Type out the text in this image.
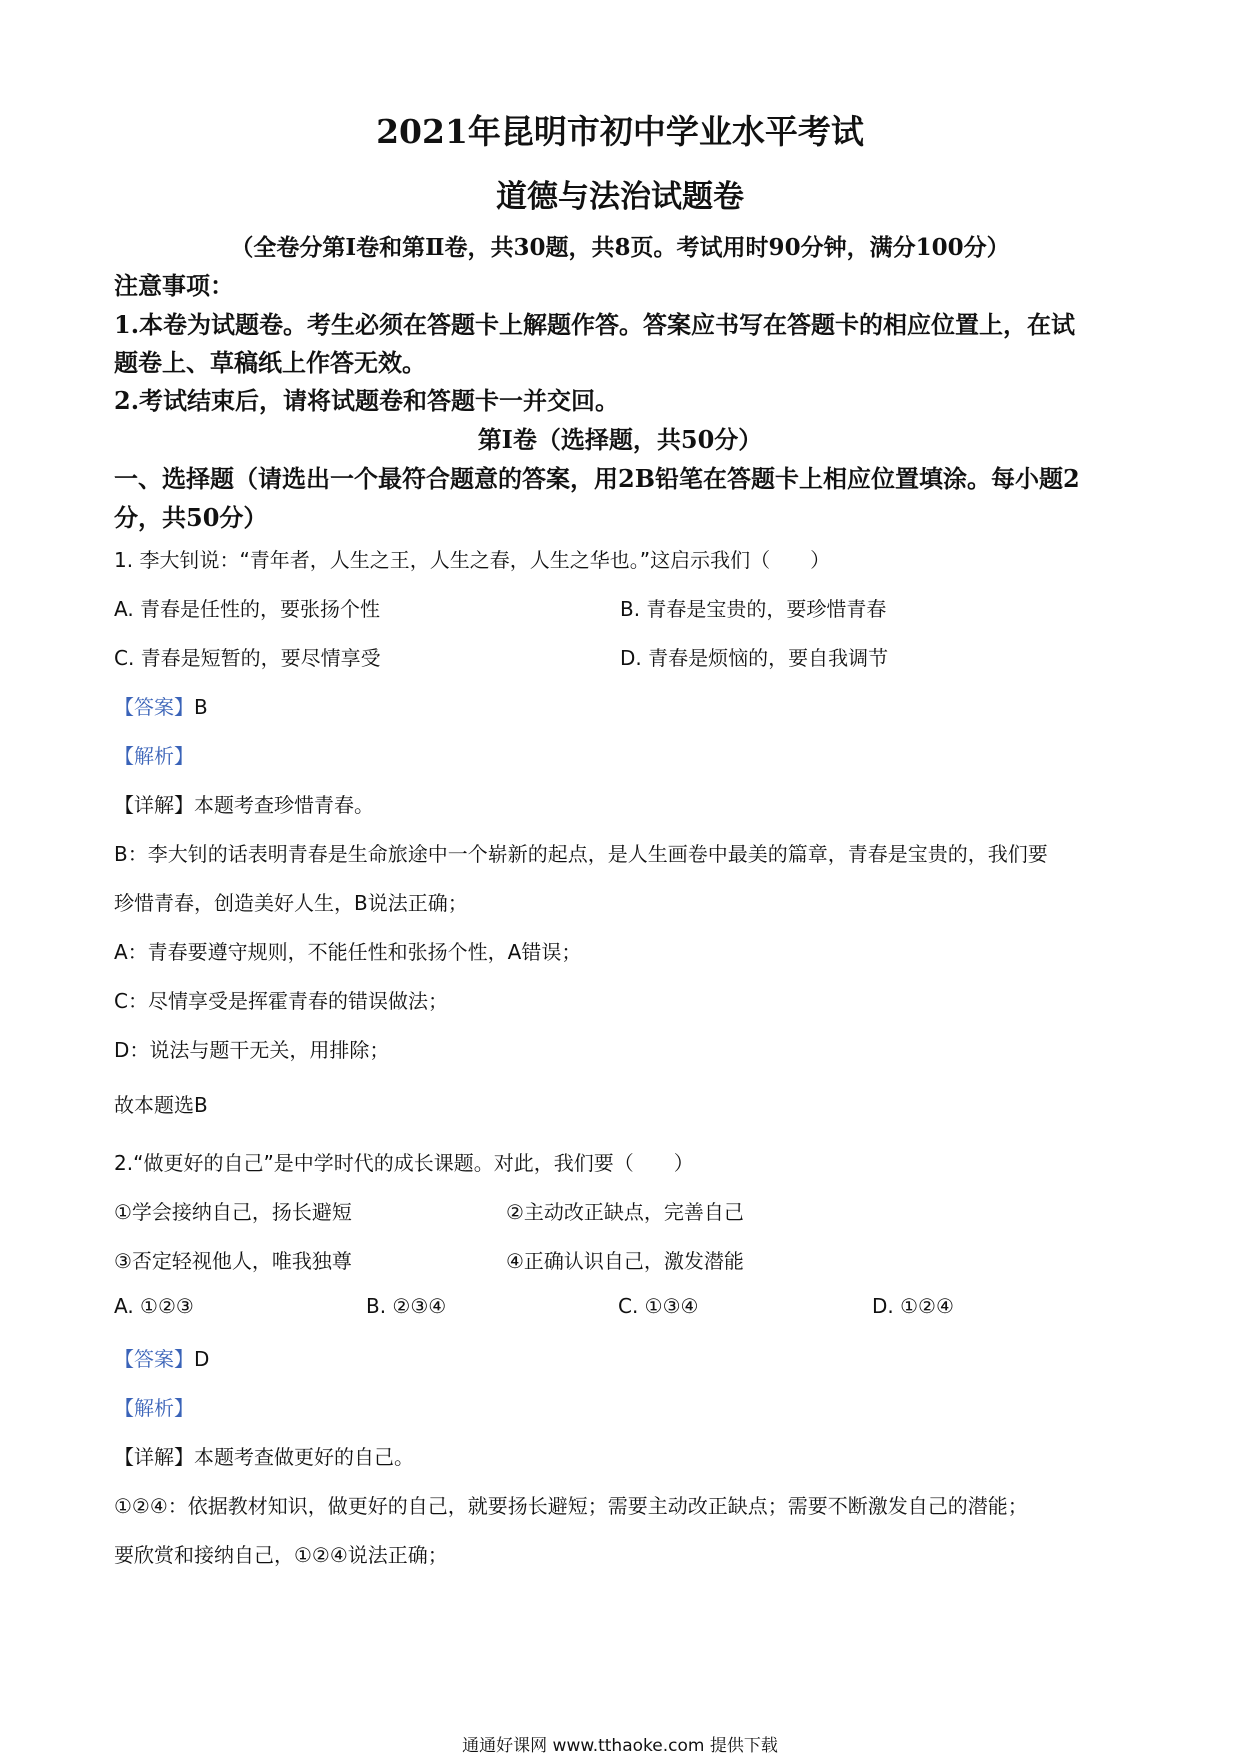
2021年昆明市初中学业水平考试
道德与法治试题卷
（全卷分第Ⅰ卷和第Ⅱ卷，共30题，共8页。考试用时90分钟，满分100分）
注意事项：
1.本卷为试题卷。考生必须在答题卡上解题作答。答案应书写在答题卡的相应位置上，在试
题卷上、草稿纸上作答无效。
2.考试结束后，请将试题卷和答题卡一并交回。
第Ⅰ卷（选择题，共50分）
一、选择题（请选出一个最符合题意的答案，用2B铅笔在答题卡上相应位置填涂。每小题2
分，共50分）
1. 李大钊说：“青年者，人生之王，人生之春，人生之华也。”这启示我们（　　）
A. 青春是任性的，要张扬个性	B. 青春是宝贵的，要珍惜青春
C. 青春是短暂的，要尽情享受	D. 青春是烦恼的，要自我调节
【答案】B
【解析】
【详解】本题考查珍惜青春。
B：李大钊的话表明青春是生命旅途中一个崭新的起点，是人生画卷中最美的篇章，青春是宝贵的，我们要
珍惜青春，创造美好人生，B说法正确；
A：青春要遵守规则，不能任性和张扬个性，A错误；
C：尽情享受是挥霍青春的错误做法；
D：说法与题干无关，用排除；
故本题选B
2.“做更好的自己”是中学时代的成长课题。对此，我们要（　　）
①学会接纳自己，扬长避短	②主动改正缺点，完善自己
③否定轻视他人，唯我独尊	④正确认识自己，激发潜能
A. ①②③	B. ②③④	C. ①③④	D. ①②④
【答案】D
【解析】
【详解】本题考查做更好的自己。
①②④：依据教材知识，做更好的自己，就要扬长避短；需要主动改正缺点；需要不断激发自己的潜能；
要欣赏和接纳自己，①②④说法正确；
通通好课网 www.tthaoke.com 提供下载
